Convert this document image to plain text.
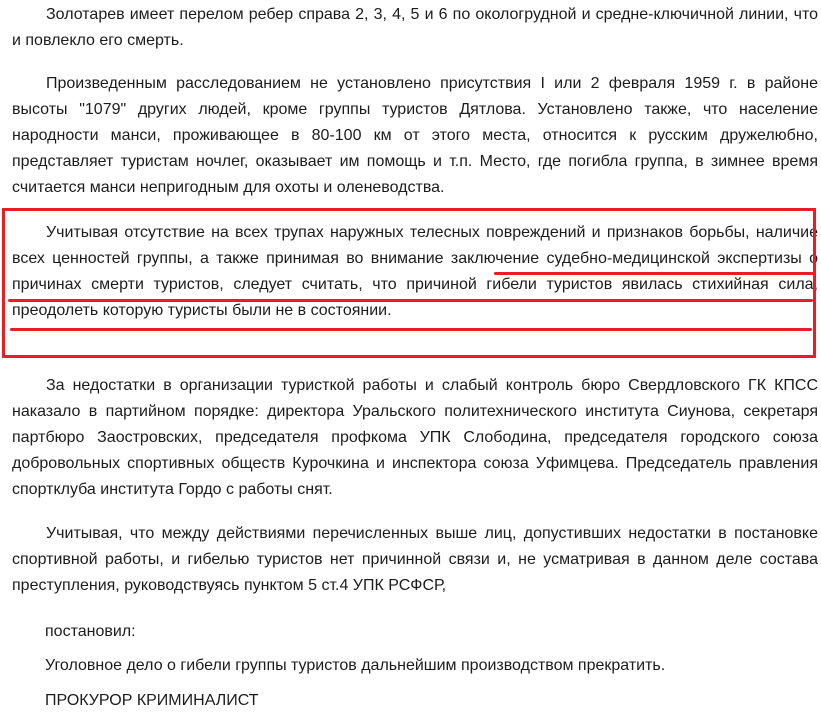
Золотарев имеет перелом ребер справа 2, 3, 4, 5 и 6 по окологрудной и средне-ключичной линии, что и повлекло его смерть.

Произведенным расследованием не установлено присутствия I или 2 февраля 1959 г. в районе высоты "1079" других людей, кроме группы туристов Дятлова. Установлено также, что население народности манси, проживающее в 80-100 км от этого места, относится к русским дружелюбно, представляет туристам ночлег, оказывает им помощь и т.п. Место, где погибла группа, в зимнее время считается манси непригодным для охоты и оленеводства.

Учитывая отсутствие на всех трупах наружных телесных повреждений и признаков борьбы, наличие всех ценностей группы, а также принимая во внимание заключение судебно-медицинской экспертизы о причинах смерти туристов, следует считать, что причиной гибели туристов явилась стихийная сила, преодолеть которую туристы были не в состоянии.

За недостатки в организации туристкой работы и слабый контроль бюро Свердловского ГК КПСС наказало в партийном порядке: директора Уральского политехнического института Сиунова, секретаря партбюро Заостровских, председателя профкома УПК Слободина, председателя городского союза добровольных спортивных обществ Курочкина и инспектора союза Уфимцева. Председатель правления спортклуба института Гордо с работы снят.

Учитывая, что между действиями перечисленных выше лиц, допустивших недостатки в постановке спортивной работы, и гибелью туристов нет причинной связи и, не усматривая в данном деле состава преступления, руководствуясь пунктом 5 ст.4 УПК РСФСР,

постановил:

Уголовное дело о гибели группы туристов дальнейшим производством прекратить.

ПРОКУРОР КРИМИНАЛИСТ
